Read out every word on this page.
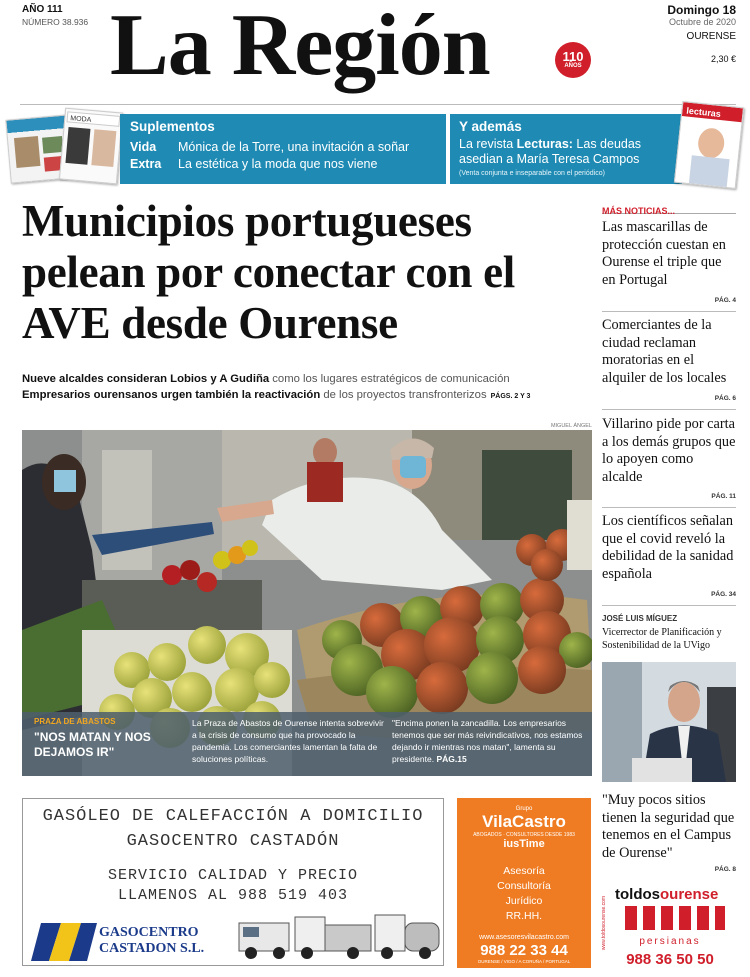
AÑO 111
NÚMERO 38.936 La Región	110
AÑOS
Domingo 18
Octubre de 2020
OURENSE
2,30 €
MODA	Suplementos
Vida Mónica de la Torre, una invitación a soñar
Extra La estética y la moda que nos viene
Y además
La revista Lecturas: Las deudas asedian a María Teresa Campos
(Venta conjunta e inseparable con el periódico)
lecturas
Municipios portugueses pelean por conectar con el AVE desde Ourense
Nueve alcaldes consideran Lobios y A Gudiña como los lugares estratégicos de comunicación
Empresarios ourensanos urgen también la reactivación de los proyectos transfronterizos PÁGS. 2 Y 3
MIGUEL ÁNGEL
PRAZA DE ABASTOS
"NOS MATAN Y NOS DEJAMOS IR"
La Praza de Abastos de Ourense intenta sobrevivir a la crisis de consumo que ha provocado la pandemia. Los comerciantes lamentan la falta de soluciones políticas.
"Encima ponen la zancadilla. Los empresarios tenemos que ser más reivindicativos, nos estamos dejando ir mientras nos matan", lamenta su presidente. PÁG.15
MÁS NOTICIAS...
Las mascarillas de protección cuestan en Ourense el triple que en Portugal
PÁG. 4
Comerciantes de la ciudad reclaman moratorias en el alquiler de los locales
PÁG. 6
Villarino pide por carta a los demás grupos que lo apoyen como alcalde
PÁG. 11
Los científicos señalan que el covid reveló la debilidad de la sanidad española
PÁG. 34
JOSÉ LUIS MÍGUEZ
Vicerrector de Planificación y Sostenibilidad de la UVigo
"Muy pocos sitios tienen la seguridad que tenemos en el Campus de Ourense"
PÁG. 8
GASÓLEO DE CALEFACCIÓN A DOMICILIO
GASOCENTRO CASTADÓN
SERVICIO CALIDAD Y PRECIO
LLAMENOS AL 988 519 403
GASOCENTRO
CASTADON S.L.
Grupo
VilaCastro
ABOGADOS · CONSULTORES DESDE 1983
iusTime
Asesoría
Consultoría
Jurídico
RR.HH.
www.asesoresvilacastro.com
988 22 33 44
OURENSE / VIGO / A CORUÑA / PORTUGAL
toldosourense
persianas
988 36 50 50
www.toldosourense.com
